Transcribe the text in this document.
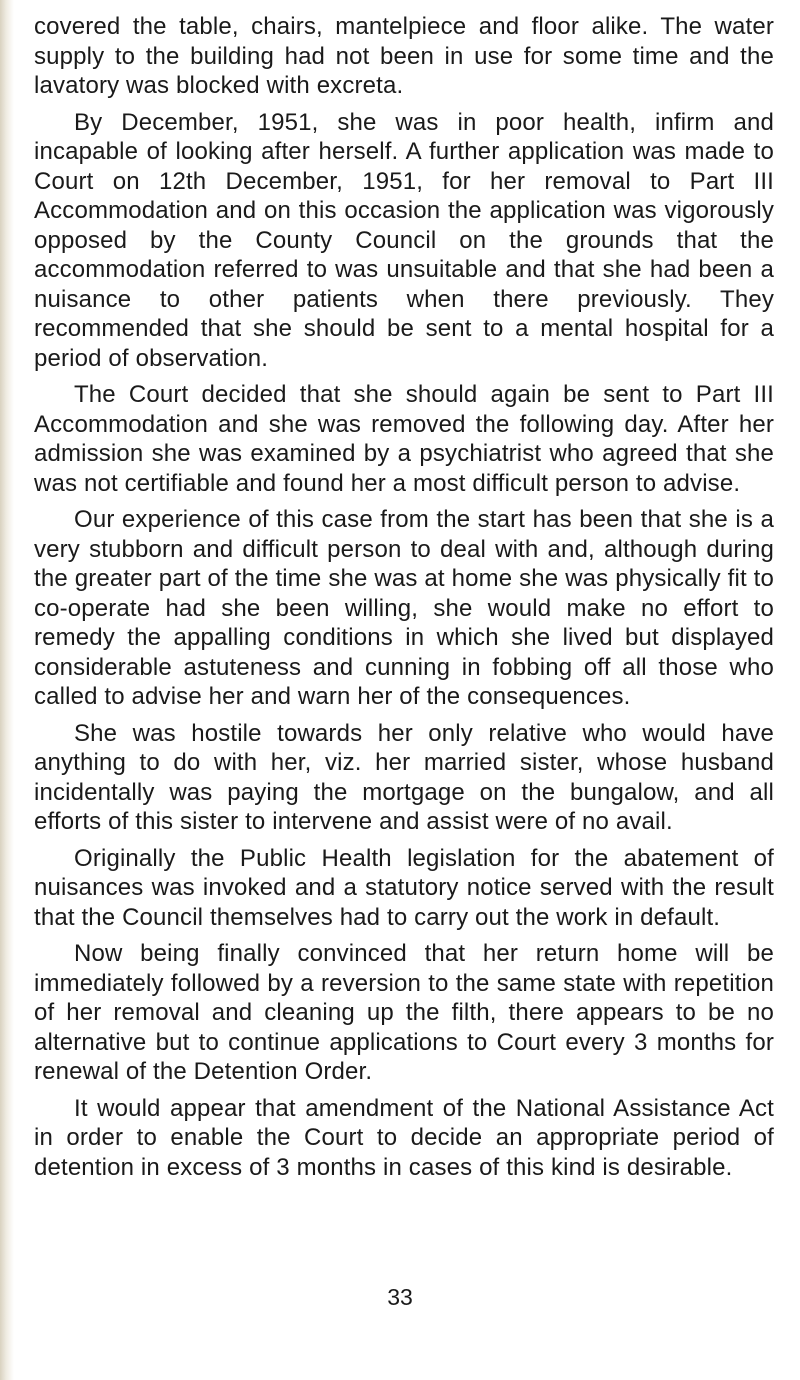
covered the table, chairs, mantelpiece and floor alike. The water supply to the building had not been in use for some time and the lavatory was blocked with excreta.

By December, 1951, she was in poor health, infirm and incapable of looking after herself. A further application was made to Court on 12th December, 1951, for her removal to Part III Accommodation and on this occasion the application was vigorously opposed by the County Council on the grounds that the accommodation referred to was unsuitable and that she had been a nuisance to other patients when there previously. They recommended that she should be sent to a mental hospital for a period of observation.

The Court decided that she should again be sent to Part III Accommodation and she was removed the following day. After her admission she was examined by a psychiatrist who agreed that she was not certifiable and found her a most difficult person to advise.

Our experience of this case from the start has been that she is a very stubborn and difficult person to deal with and, although during the greater part of the time she was at home she was physically fit to co-operate had she been willing, she would make no effort to remedy the appalling conditions in which she lived but displayed considerable astuteness and cunning in fobbing off all those who called to advise her and warn her of the consequences.

She was hostile towards her only relative who would have anything to do with her, viz. her married sister, whose husband incidentally was paying the mortgage on the bungalow, and all efforts of this sister to intervene and assist were of no avail.

Originally the Public Health legislation for the abatement of nuisances was invoked and a statutory notice served with the result that the Council themselves had to carry out the work in default.

Now being finally convinced that her return home will be immediately followed by a reversion to the same state with repetition of her removal and cleaning up the filth, there appears to be no alternative but to continue applications to Court every 3 months for renewal of the Detention Order.

It would appear that amendment of the National Assistance Act in order to enable the Court to decide an appropriate period of detention in excess of 3 months in cases of this kind is desirable.

33
